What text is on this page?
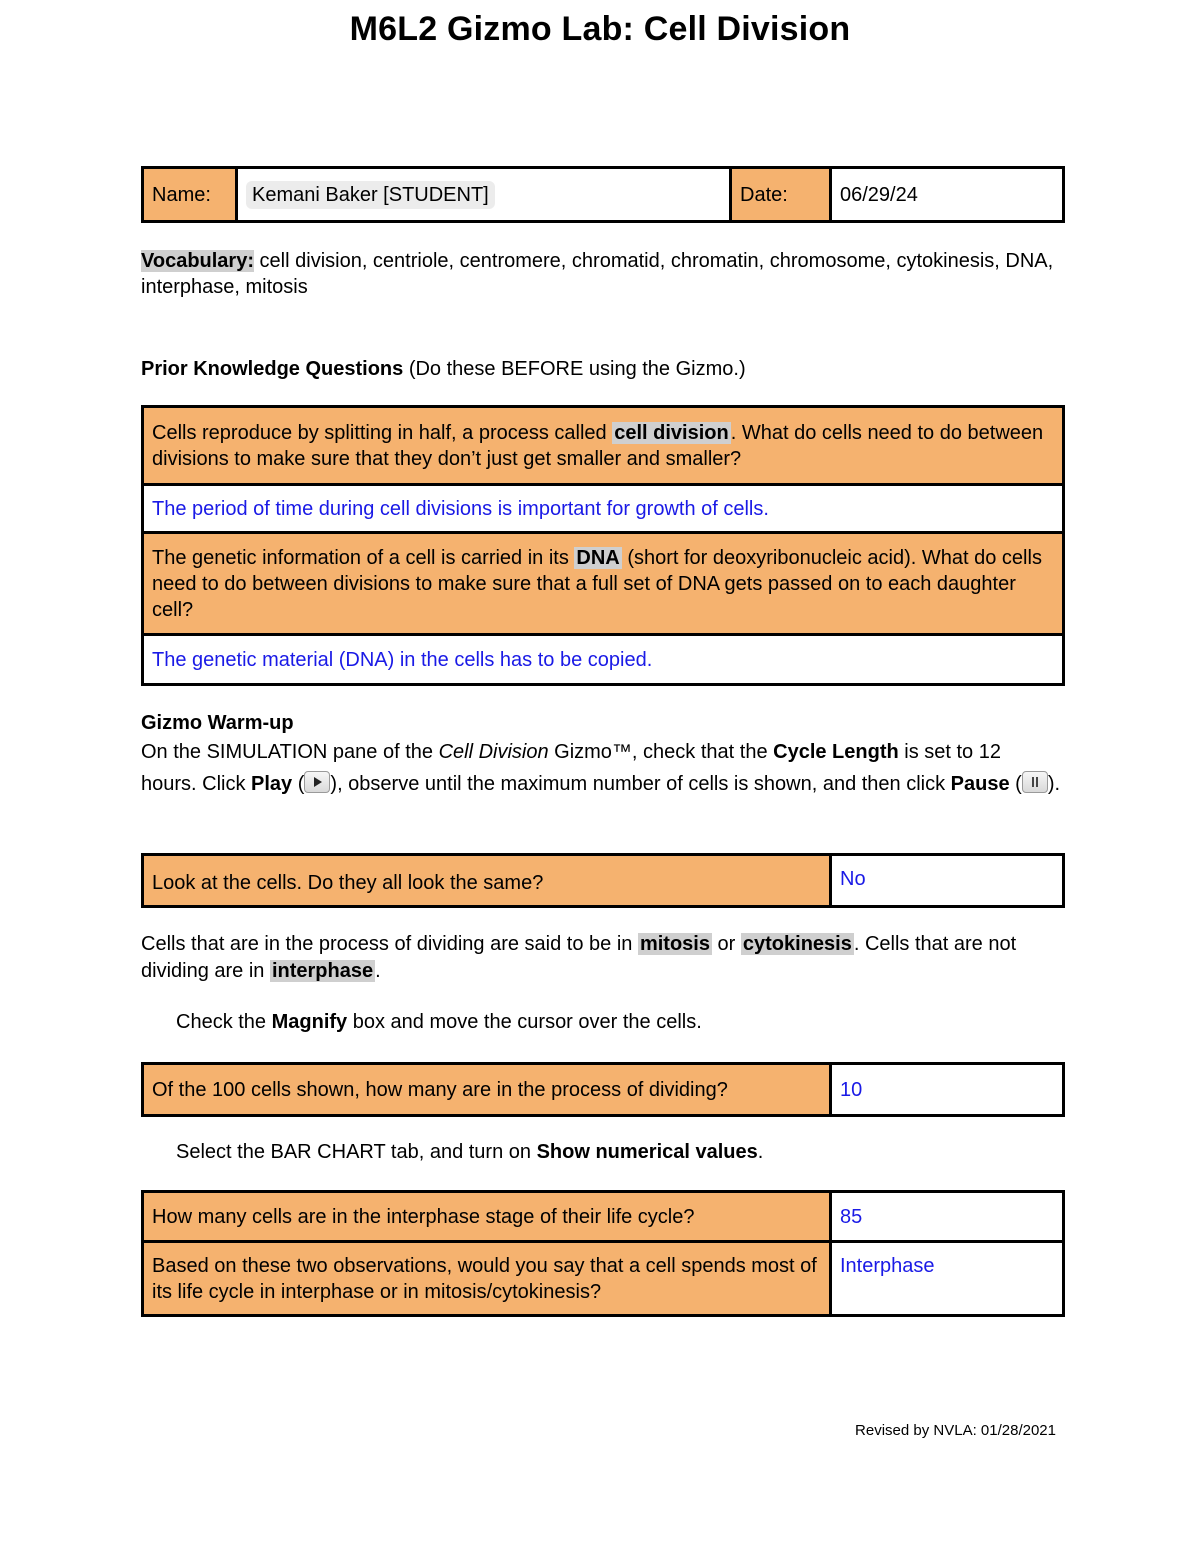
M6L2 Gizmo Lab: Cell Division
Name:	Kemani Baker [STUDENT]	Date:	06/29/24
Vocabulary: cell division, centriole, centromere, chromatid, chromatin, chromosome, cytokinesis, DNA, interphase, mitosis
Prior Knowledge Questions (Do these BEFORE using the Gizmo.)
Cells reproduce by splitting in half, a process called cell division . What do cells need to do between divisions to make sure that they don’t just get smaller and smaller?
The period of time during cell divisions is important for growth of cells.
The genetic information of a cell is carried in its DNA (short for deoxyribonucleic acid). What do cells need to do between divisions to make sure that a full set of DNA gets passed on to each daughter cell?
The genetic material (DNA) in the cells has to be copied.
Gizmo Warm-up
On the SIMULATION pane of the Cell Division Gizmo™, check that the Cycle Length is set to 12 hours. Click Play ( ), observe until the maximum number of cells is shown, and then click Pause ( ).
Look at the cells. Do they all look the same?	No
Cells that are in the process of dividing are said to be in mitosis or cytokinesis . Cells that are not dividing are in interphase .
Check the Magnify box and move the cursor over the cells.
Of the 100 cells shown, how many are in the process of dividing?	10
Select the BAR CHART tab, and turn on Show numerical values.
How many cells are in the interphase stage of their life cycle?	85
Based on these two observations, would you say that a cell spends most of its life cycle in interphase or in mitosis/cytokinesis?	Interphase
Revised by NVLA: 01/28/2021
